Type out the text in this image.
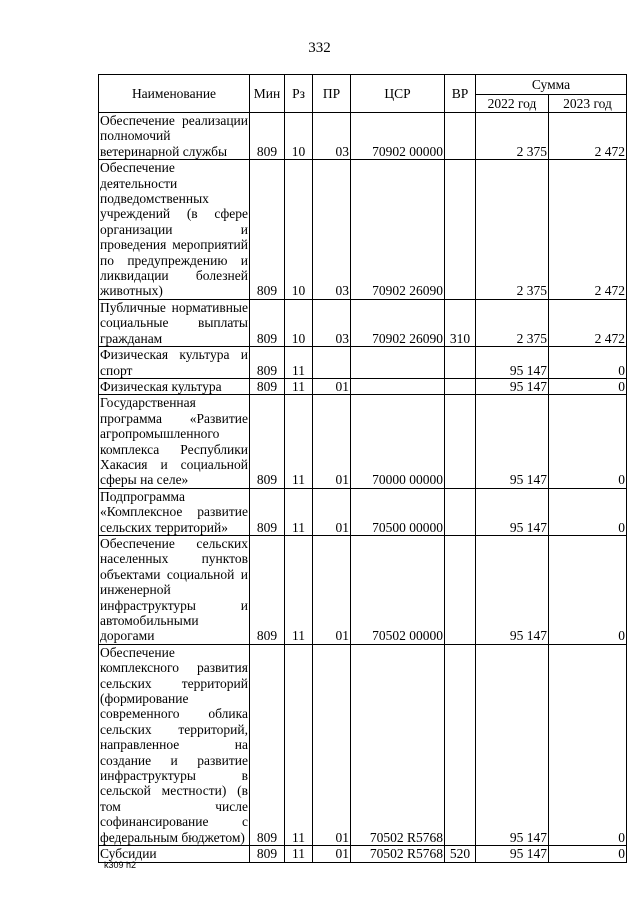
332
Наименование	Мин	Рз	ПР	ЦСР	ВР	Сумма	
						2022 год	2023 год
Обеспечение реализации полномочий ветеринарной службы	809	10	03	70902 00000		2 375	2 472
Обеспечение деятельности подведомственных учреждений (в сфере организации и проведения мероприятий по предупреждению и ликвидации болезней животных)	809	10	03	70902 26090		2 375	2 472
Публичные нормативные социальные выплаты гражданам	809	10	03	70902 26090	310	2 375	2 472
Физическая культура и спорт	809	11				95 147	0
Физическая культура	809	11	01			95 147	0
Государственная программа «Развитие агропромышленного комплекса Республики Хакасия и социальной сферы на селе»	809	11	01	70000 00000		95 147	0
Подпрограмма «Комплексное развитие сельских территорий»	809	11	01	70500 00000		95 147	0
Обеспечение сельских населенных пунктов объектами социальной и инженерной инфраструктуры и автомобильными дорогами	809	11	01	70502 00000		95 147	0
Обеспечение комплексного развития сельских территорий (формирование современного облика сельских территорий, направленное на создание и развитие инфраструктуры в сельской местности) (в том числе софинансирование с федеральным бюджетом)	809	11	01	70502 R5768		95 147	0
Субсидии	809	11	01	70502 R5768	520	95 147	0
k309 h2
